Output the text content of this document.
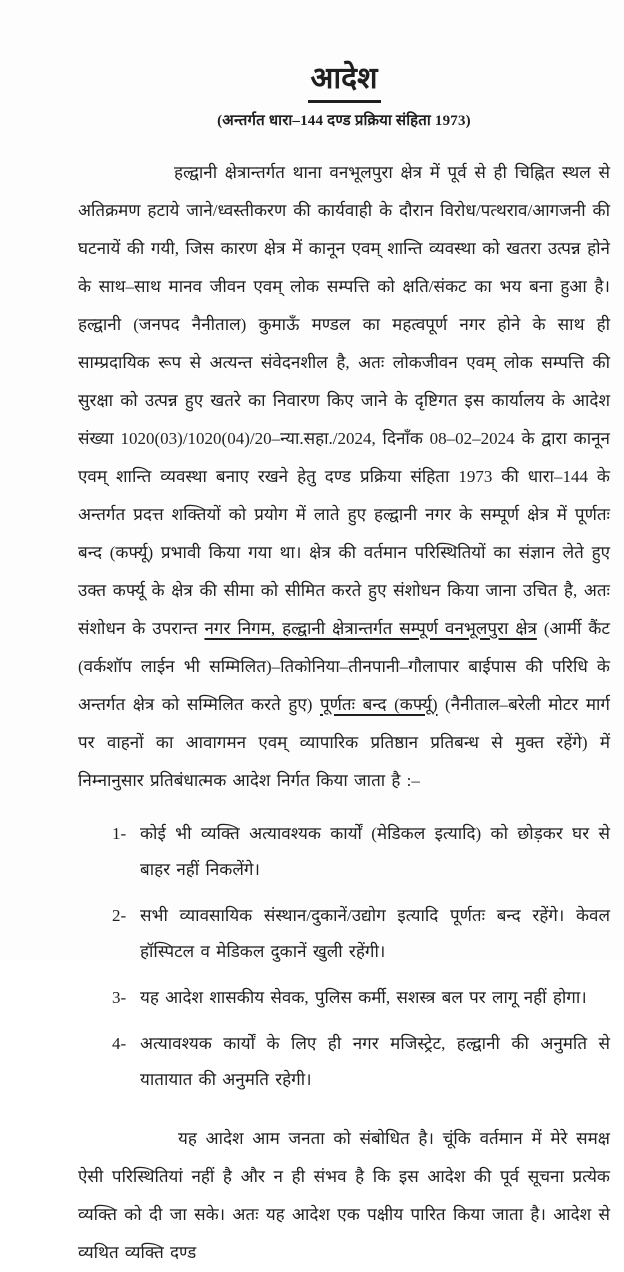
आदेश
(अन्तर्गत धारा–144 दण्ड प्रक्रिया संहिता 1973)

हल्द्वानी क्षेत्रान्तर्गत थाना वनभूलपुरा क्षेत्र में पूर्व से ही चिह्नित स्थल से अतिक्रमण हटाये जाने/ध्वस्तीकरण की कार्यवाही के दौरान विरोध/पत्थराव/आगजनी की घटनायें की गयी, जिस कारण क्षेत्र में कानून एवम् शान्ति व्यवस्था को खतरा उत्पन्न होने के साथ–साथ मानव जीवन एवम् लोक सम्पत्ति को क्षति/संकट का भय बना हुआ है। हल्द्वानी (जनपद नैनीताल) कुमाऊँ मण्डल का महत्वपूर्ण नगर होने के साथ ही साम्प्रदायिक रूप से अत्यन्त संवेदनशील है, अतः लोकजीवन एवम् लोक सम्पत्ति की सुरक्षा को उत्पन्न हुए खतरे का निवारण किए जाने के दृष्टिगत इस कार्यालय के आदेश संख्या 1020(03)/1020(04)/20–न्या.सहा./2024, दिनाँक 08–02–2024 के द्वारा कानून एवम् शान्ति व्यवस्था बनाए रखने हेतु दण्ड प्रक्रिया संहिता 1973 की धारा–144 के अन्तर्गत प्रदत्त शक्तियों को प्रयोग में लाते हुए हल्द्वानी नगर के सम्पूर्ण क्षेत्र में पूर्णतः बन्द (कर्फ्यू) प्रभावी किया गया था। क्षेत्र की वर्तमान परिस्थितियों का संज्ञान लेते हुए उक्त कर्फ्यू के क्षेत्र की सीमा को सीमित करते हुए संशोधन किया जाना उचित है, अतः संशोधन के उपरान्त नगर निगम, हल्द्वानी क्षेत्रान्तर्गत सम्पूर्ण वनभूलपुरा क्षेत्र (आर्मी कैंट (वर्कशॉप लाईन भी सम्मिलित)–तिकोनिया–तीनपानी–गौलापार बाईपास की परिधि के अन्तर्गत क्षेत्र को सम्मिलित करते हुए) पूर्णतः बन्द (कर्फ्यू) (नैनीताल–बरेली मोटर मार्ग पर वाहनों का आवागमन एवम् व्यापारिक प्रतिष्ठान प्रतिबन्ध से मुक्त रहेंगे) में निम्नानुसार प्रतिबंधात्मक आदेश निर्गत किया जाता है :–

1- कोई भी व्यक्ति अत्यावश्यक कार्यों (मेडिकल इत्यादि) को छोड़कर घर से बाहर नहीं निकलेंगे।
2- सभी व्यावसायिक संस्थान/दुकानें/उद्योग इत्यादि पूर्णतः बन्द रहेंगे। केवल हॉस्पिटल व मेडिकल दुकानें खुली रहेंगी।
3- यह आदेश शासकीय सेवक, पुलिस कर्मी, सशस्त्र बल पर लागू नहीं होगा।
4- अत्यावश्यक कार्यों के लिए ही नगर मजिस्ट्रेट, हल्द्वानी की अनुमति से यातायात की अनुमति रहेगी।

यह आदेश आम जनता को संबोधित है। चूंकि वर्तमान में मेरे समक्ष ऐसी परिस्थितियां नहीं है और न ही संभव है कि इस आदेश की पूर्व सूचना प्रत्येक व्यक्ति को दी जा सके। अतः यह आदेश एक पक्षीय पारित किया जाता है। आदेश से व्यथित व्यक्ति दण्ड
